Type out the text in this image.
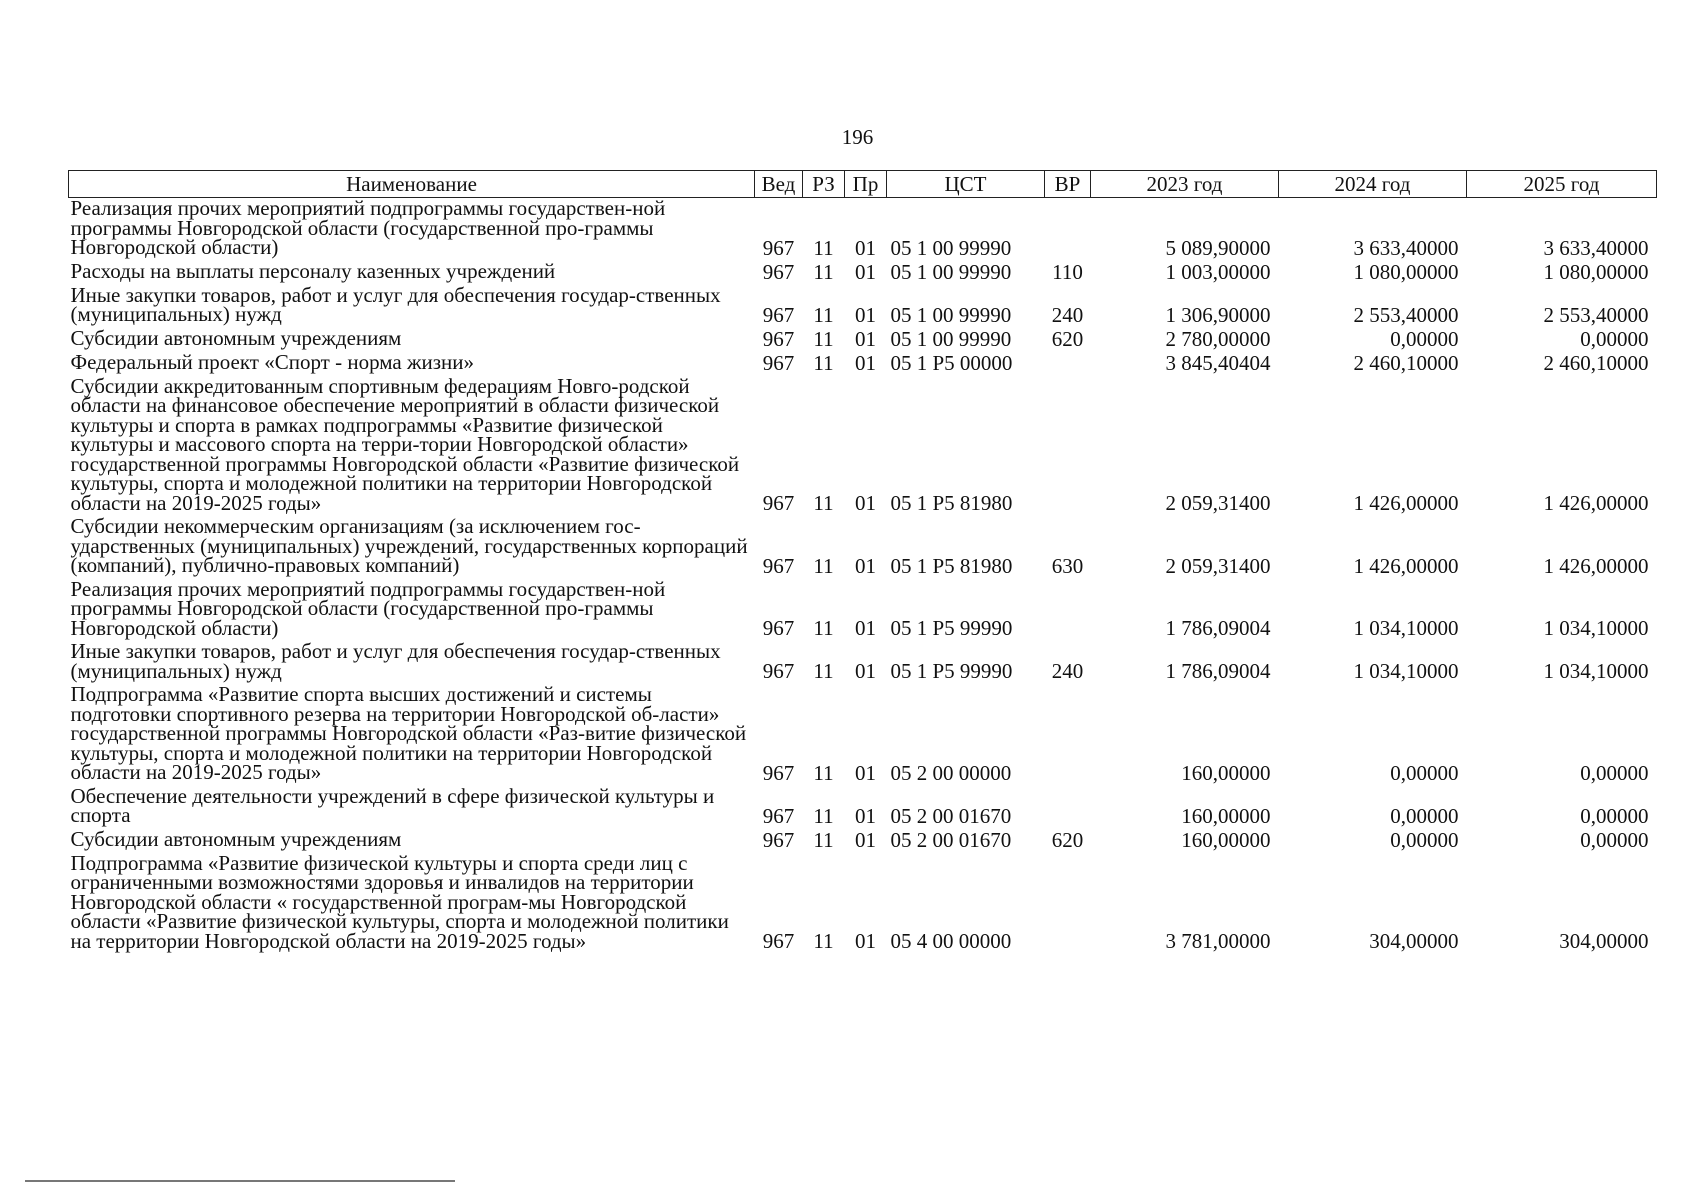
196
Наименование	Вед	РЗ	Пр	ЦСТ	ВР	2023 год	2024 год	2025 год
Реализация прочих мероприятий подпрограммы государствен-ной программы Новгородской области (государственной про-граммы Новгородской области)	967	11	01	05 1 00 99990		5 089,90000	3 633,40000	3 633,40000
Расходы на выплаты персоналу казенных учреждений	967	11	01	05 1 00 99990	110	1 003,00000	1 080,00000	1 080,00000
Иные закупки товаров, работ и услуг для обеспечения государ-ственных (муниципальных) нужд	967	11	01	05 1 00 99990	240	1 306,90000	2 553,40000	2 553,40000
Субсидии автономным учреждениям	967	11	01	05 1 00 99990	620	2 780,00000	0,00000	0,00000
Федеральный проект «Спорт - норма жизни»	967	11	01	05 1 P5 00000		3 845,40404	2 460,10000	2 460,10000
Субсидии аккредитованным спортивным федерациям Новго-родской области на финансовое обеспечение мероприятий в области физической культуры и спорта в рамках подпрограммы «Развитие физической культуры и массового спорта на терри-тории Новгородской области» государственной программы Новгородской области «Развитие физической культуры, спорта и молодежной политики на территории Новгородской области на 2019-2025 годы»	967	11	01	05 1 P5 81980		2 059,31400	1 426,00000	1 426,00000
Субсидии некоммерческим организациям (за исключением гос-ударственных (муниципальных) учреждений, государственных корпораций (компаний), публично-правовых компаний)	967	11	01	05 1 P5 81980	630	2 059,31400	1 426,00000	1 426,00000
Реализация прочих мероприятий подпрограммы государствен-ной программы Новгородской области (государственной про-граммы Новгородской области)	967	11	01	05 1 P5 99990		1 786,09004	1 034,10000	1 034,10000
Иные закупки товаров, работ и услуг для обеспечения государ-ственных (муниципальных) нужд	967	11	01	05 1 P5 99990	240	1 786,09004	1 034,10000	1 034,10000
Подпрограмма «Развитие спорта высших достижений и системы подготовки спортивного резерва на территории Новгородской об-ласти» государственной программы Новгородской области «Раз-витие физической культуры, спорта и молодежной политики на территории Новгородской области на 2019-2025 годы»	967	11	01	05 2 00 00000		160,00000	0,00000	0,00000
Обеспечение деятельности учреждений в сфере физической культуры и спорта	967	11	01	05 2 00 01670		160,00000	0,00000	0,00000
Субсидии автономным учреждениям	967	11	01	05 2 00 01670	620	160,00000	0,00000	0,00000
Подпрограмма «Развитие физической культуры и спорта среди лиц с ограниченными возможностями здоровья и инвалидов на территории Новгородской области « государственной програм-мы Новгородской области «Развитие физической культуры, спорта и молодежной политики на территории Новгородской области на 2019-2025 годы»	967	11	01	05 4 00 00000		3 781,00000	304,00000	304,00000
